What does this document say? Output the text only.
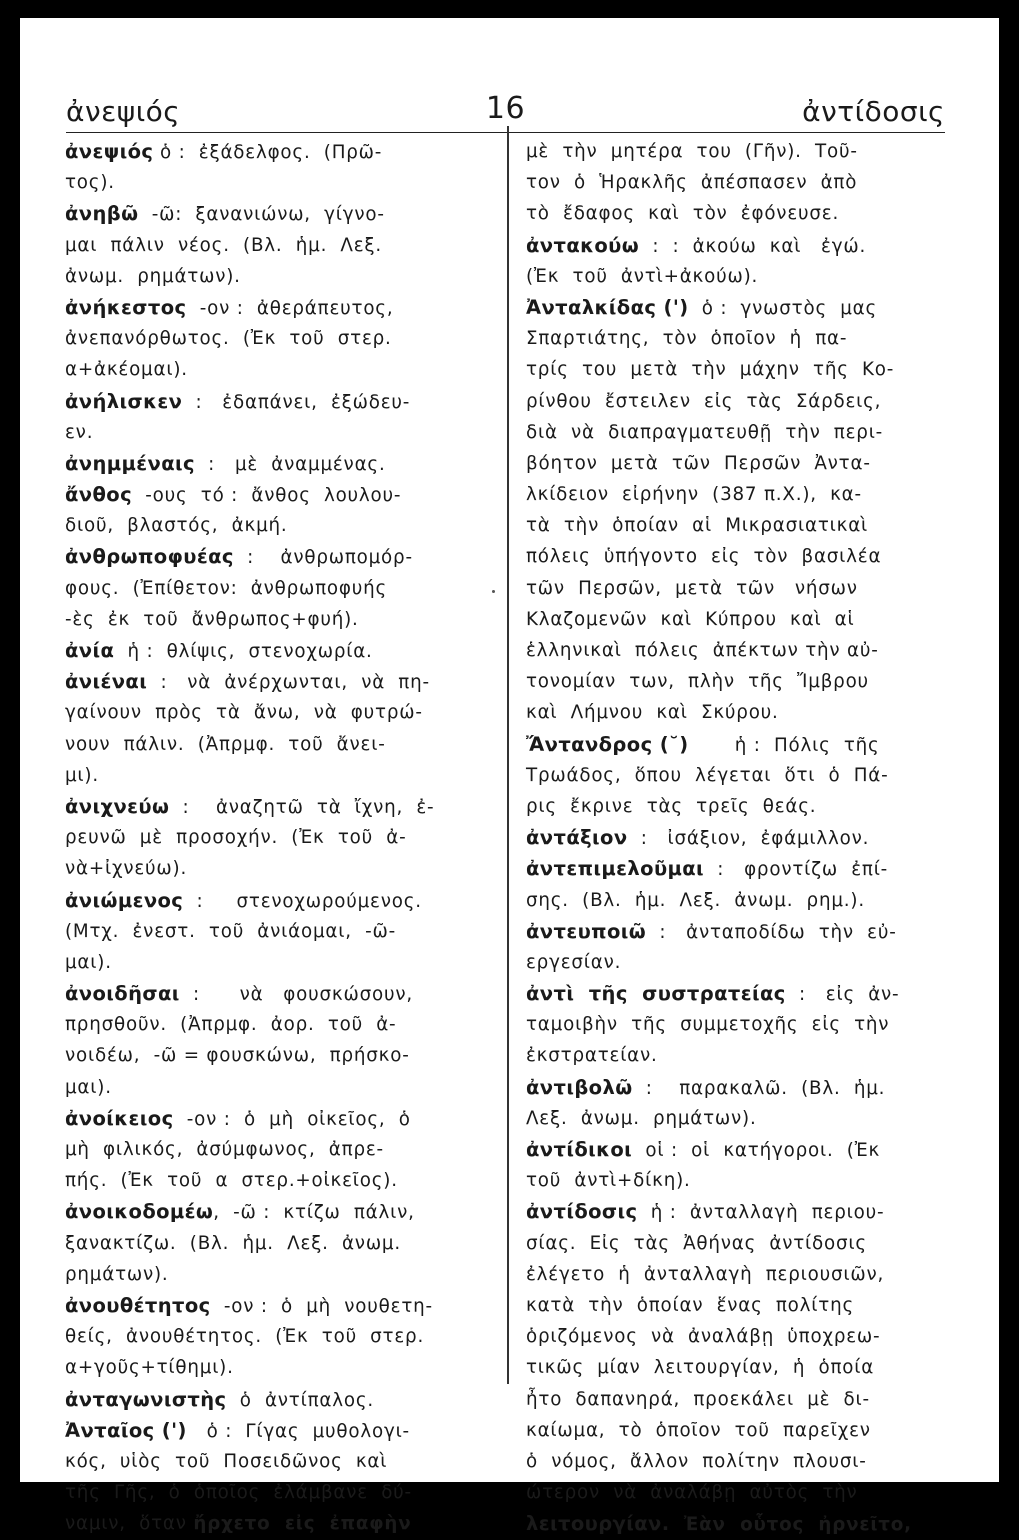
ἀνεψιός	16	ἀντίδοσις
ἀνεψιός ὁ :  ἐξάδελφος.  (Πρῶ-
τος).
ἀνηβῶ  -ῶ:  ξανανιώνω,  γίγνο-
μαι  πάλιν  νέος.  (Βλ.  ἡμ.  Λεξ.
ἀνωμ.  ρημάτων).
ἀνήκεστος  -ον :  ἀθεράπευτος,
ἀνεπανόρθωτος.  (Ἐκ  τοῦ  στερ.
α+ἀκέομαι).
ἀνήλισκεν  :   ἐδαπάνει,  ἐξώδευ-
εν.
ἀνημμέναις  :   μὲ  ἀναμμένας.
ἄνθος  -ους  τό :  ἄνθος  λουλου-
διοῦ,  βλαστός,  ἀκμή.
ἀνθρωποφυέας  :    ἀνθρωπομόρ-
φους.  (Ἐπίθετον:  ἀνθρωποφυής
-ὲς  ἐκ  τοῦ  ἄνθρωπος+φυή).
ἀνία  ἡ :  θλίψις,  στενοχωρία.
ἀνιέναι  :   νὰ  ἀνέρχωνται,  νὰ  πη-
γαίνουν  πρὸς  τὰ  ἄνω,  νὰ  φυτρώ-
νουν  πάλιν.  (Ἀπρμφ.  τοῦ  ἄνει-
μι).
ἀνιχνεύω  :    ἀναζητῶ  τὰ  ἴχνη,  ἐ-
ρευνῶ  μὲ  προσοχήν.  (Ἐκ  τοῦ  ἀ-
νὰ+ἰχνεύω).
ἀνιώμενος  :     στενοχωρούμενος.
(Μτχ.  ἐνεστ.  τοῦ  ἀνιάομαι,  -ῶ-
μαι).
ἀνοιδῆσαι  :      νὰ   φουσκώσουν,
πρησθοῦν.  (Ἀπρμφ.  ἀορ.  τοῦ  ἀ-
νοιδέω,  -ῶ = φουσκώνω,  πρήσκο-
μαι).
ἀνοίκειος  -ον :  ὁ  μὴ  οἰκεῖος,  ὁ
μὴ  φιλικός,  ἀσύμφωνος,  ἀπρε-
πής.  (Ἐκ  τοῦ  α  στερ.+οἰκεῖος).
ἀνοικοδομέω,  -ῶ :  κτίζω  πάλιν,
ξανακτίζω.  (Βλ.  ἡμ.  Λεξ.  ἀνωμ.
ρημάτων).
ἀνουθέτητος  -ον :  ὁ  μὴ  νουθετη-
θείς,  ἀνουθέτητος.  (Ἐκ  τοῦ  στερ.
α+γοῦς+τίθημι).
ἀνταγωνιστὴς  ὁ  ἀντίπαλος.
Ἀνταῖος (')   ὁ :  Γίγας  μυθολογι-
κός,  υἱὸς  τοῦ  Ποσειδῶνος  καὶ
τῆς  Γῆς,  ὁ  ὁποῖος  ἐλάμβανε  δύ-
ναμιν,  ὅταν ἤρχετο  εἰς  ἐπαφὴν
μὲ  τὴν  μητέρα  του  (Γῆν).  Τοῦ-
τον  ὁ  Ἡρακλῆς  ἀπέσπασεν  ἀπὸ
τὸ  ἔδαφος  καὶ  τὸν  ἐφόνευσε.
ἀντακούω  :  :  ἀκούω  καὶ   ἐγώ.
(Ἐκ  τοῦ  ἀντὶ+ἀκούω).
Ἀνταλκίδας (')  ὁ :  γνωστὸς  μας
Σπαρτιάτης,  τὸν  ὁποῖον  ἡ  πα-
τρίς  του  μετὰ  τὴν  μάχην  τῆς  Κο-
ρίνθου  ἔστειλεν  εἰς  τὰς  Σάρδεις,
διὰ  νὰ  διαπραγματευθῇ  τὴν  περι-
βόητον  μετὰ  τῶν  Περσῶν  Ἀντα-
λκίδειον  εἰρήνην  (387 π.Χ.),  κα-
τὰ  τὴν  ὁποίαν  αἱ  Μικρασιατικαὶ
πόλεις  ὑπήγοντο  εἰς  τὸν  βασιλέα
τῶν  Περσῶν,  μετὰ  τῶν   νήσων
Κλαζομενῶν  καὶ  Κύπρου  καὶ  αἱ
ἑλληνικαὶ  πόλεις  ἀπέκτων τὴν αὐ-
τονομίαν  των,  πλὴν  τῆς  Ἴμβρου
καὶ  Λήμνου  καὶ  Σκύρου.
Ἄντανδρος (˘)       ἡ :  Πόλις  τῆς
Τρωάδος,  ὅπου  λέγεται  ὅτι  ὁ  Πά-
ρις  ἔκρινε  τὰς  τρεῖς  θεάς.
ἀντάξιον  :   ἰσάξιον,  ἐφάμιλλον.
ἀντεπιμελοῦμαι  :   φροντίζω  ἐπί-
σης.  (Βλ.  ἡμ.  Λεξ.  ἀνωμ.  ρημ.).
ἀντευποιῶ  :   ἀνταποδίδω  τὴν  εὐ-
εργεσίαν.
ἀντὶ  τῆς  συστρατείας  :   εἰς  ἀν-
ταμοιβὴν  τῆς  συμμετοχῆς  εἰς  τὴν
ἐκστρατείαν.
ἀντιβολῶ  :    παρακαλῶ.  (Βλ.  ἡμ.
Λεξ.  ἀνωμ.  ρημάτων).
ἀντίδικοι  οἱ :  οἱ  κατήγοροι.  (Ἐκ
τοῦ  ἀντὶ+δίκη).
ἀντίδοσις  ἡ :  ἀνταλλαγὴ  περιου-
σίας.  Εἰς  τὰς  Ἀθήνας  ἀντίδοσις
ἐλέγετο  ἡ  ἀνταλλαγὴ  περιουσιῶν,
κατὰ  τὴν  ὁποίαν  ἕνας  πολίτης
ὁριζόμενος  νὰ  ἀναλάβῃ  ὑποχρεω-
τικῶς  μίαν  λειτουργίαν,  ἡ  ὁποία
ἦτο  δαπανηρά,  προεκάλει  μὲ  δι-
καίωμα,  τὸ  ὁποῖον  τοῦ  παρεῖχεν
ὁ  νόμος,  ἄλλον  πολίτην  πλουσι-
ώτερον  νὰ  ἀναλάβῃ  αὐτὸς  τὴν
λειτουργίαν.  Ἐὰν  οὗτος  ἠρνεῖτο,
